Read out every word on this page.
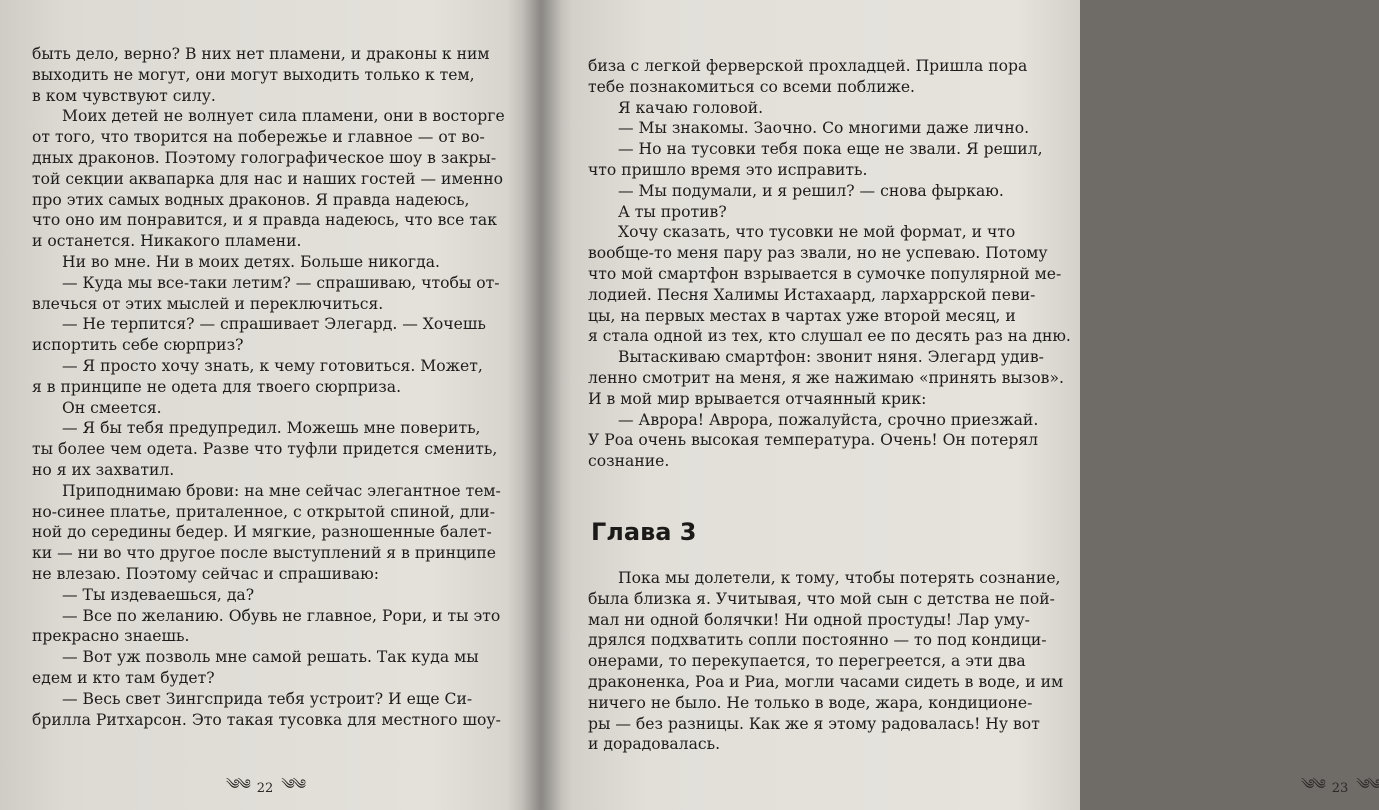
быть дело, верно? В них нет пламени, и драконы к ним
выходить не могут, они могут выходить только к тем,
в ком чувствуют силу.
Моих детей не волнует сила пламени, они в восторге
от того, что творится на побережье и главное — от во-
дных драконов. Поэтому голографическое шоу в закры-
той секции аквапарка для нас и наших гостей — именно
про этих самых водных драконов. Я правда надеюсь,
что оно им понравится, и я правда надеюсь, что все так
и останется. Никакого пламени.
Ни во мне. Ни в моих детях. Больше никогда.
— Куда мы все-таки летим? — спрашиваю, чтобы от-
влечься от этих мыслей и переключиться.
— Не терпится? — спрашивает Элегард. — Хочешь
испортить себе сюрприз?
— Я просто хочу знать, к чему готовиться. Может,
я в принципе не одета для твоего сюрприза.
Он смеется.
— Я бы тебя предупредил. Можешь мне поверить,
ты более чем одета. Разве что туфли придется сменить,
но я их захватил.
Приподнимаю брови: на мне сейчас элегантное тем-
но-синее платье, приталенное, с открытой спиной, дли-
ной до середины бедер. И мягкие, разношенные балет-
ки — ни во что другое после выступлений я в принципе
не влезаю. Поэтому сейчас и спрашиваю:
— Ты издеваешься, да?
— Все по желанию. Обувь не главное, Рори, и ты это
прекрасно знаешь.
— Вот уж позволь мне самой решать. Так куда мы
едем и кто там будет?
— Весь свет Зингсприда тебя устроит? И еще Си-
брилла Ритхарсон. Это такая тусовка для местного шоу-
༄༄ 22 ༄༄	༄༄ 23 ༄༄
биза с легкой ферверской прохладцей. Пришла пора
тебе познакомиться со всеми поближе.
Я качаю головой.
— Мы знакомы. Заочно. Со многими даже лично.
— Но на тусовки тебя пока еще не звали. Я решил,
что пришло время это исправить.
— Мы подумали, и я решил? — снова фыркаю.
А ты против?
Хочу сказать, что тусовки не мой формат, и что
вообще-то меня пару раз звали, но не успеваю. Потому
что мой смартфон взрывается в сумочке популярной ме-
лодией. Песня Халимы Истахаард, лархаррской певи-
цы, на первых местах в чартах уже второй месяц, и
я стала одной из тех, кто слушал ее по десять раз на дню.
Вытаскиваю смартфон: звонит няня. Элегард удив-
ленно смотрит на меня, я же нажимаю «принять вызов».
И в мой мир врывается отчаянный крик:
— Аврора! Аврора, пожалуйста, срочно приезжай.
У Роа очень высокая температура. Очень! Он потерял
сознание.
Глава 3
Пока мы долетели, к тому, чтобы потерять сознание,
была близка я. Учитывая, что мой сын с детства не пой-
мал ни одной болячки! Ни одной простуды! Лар уму-
дрялся подхватить сопли постоянно — то под кондици-
онерами, то перекупается, то перегреется, а эти два
драконенка, Роа и Риа, могли часами сидеть в воде, и им
ничего не было. Не только в воде, жара, кондиционе-
ры — без разницы. Как же я этому радовалась! Ну вот
и дорадовалась.
